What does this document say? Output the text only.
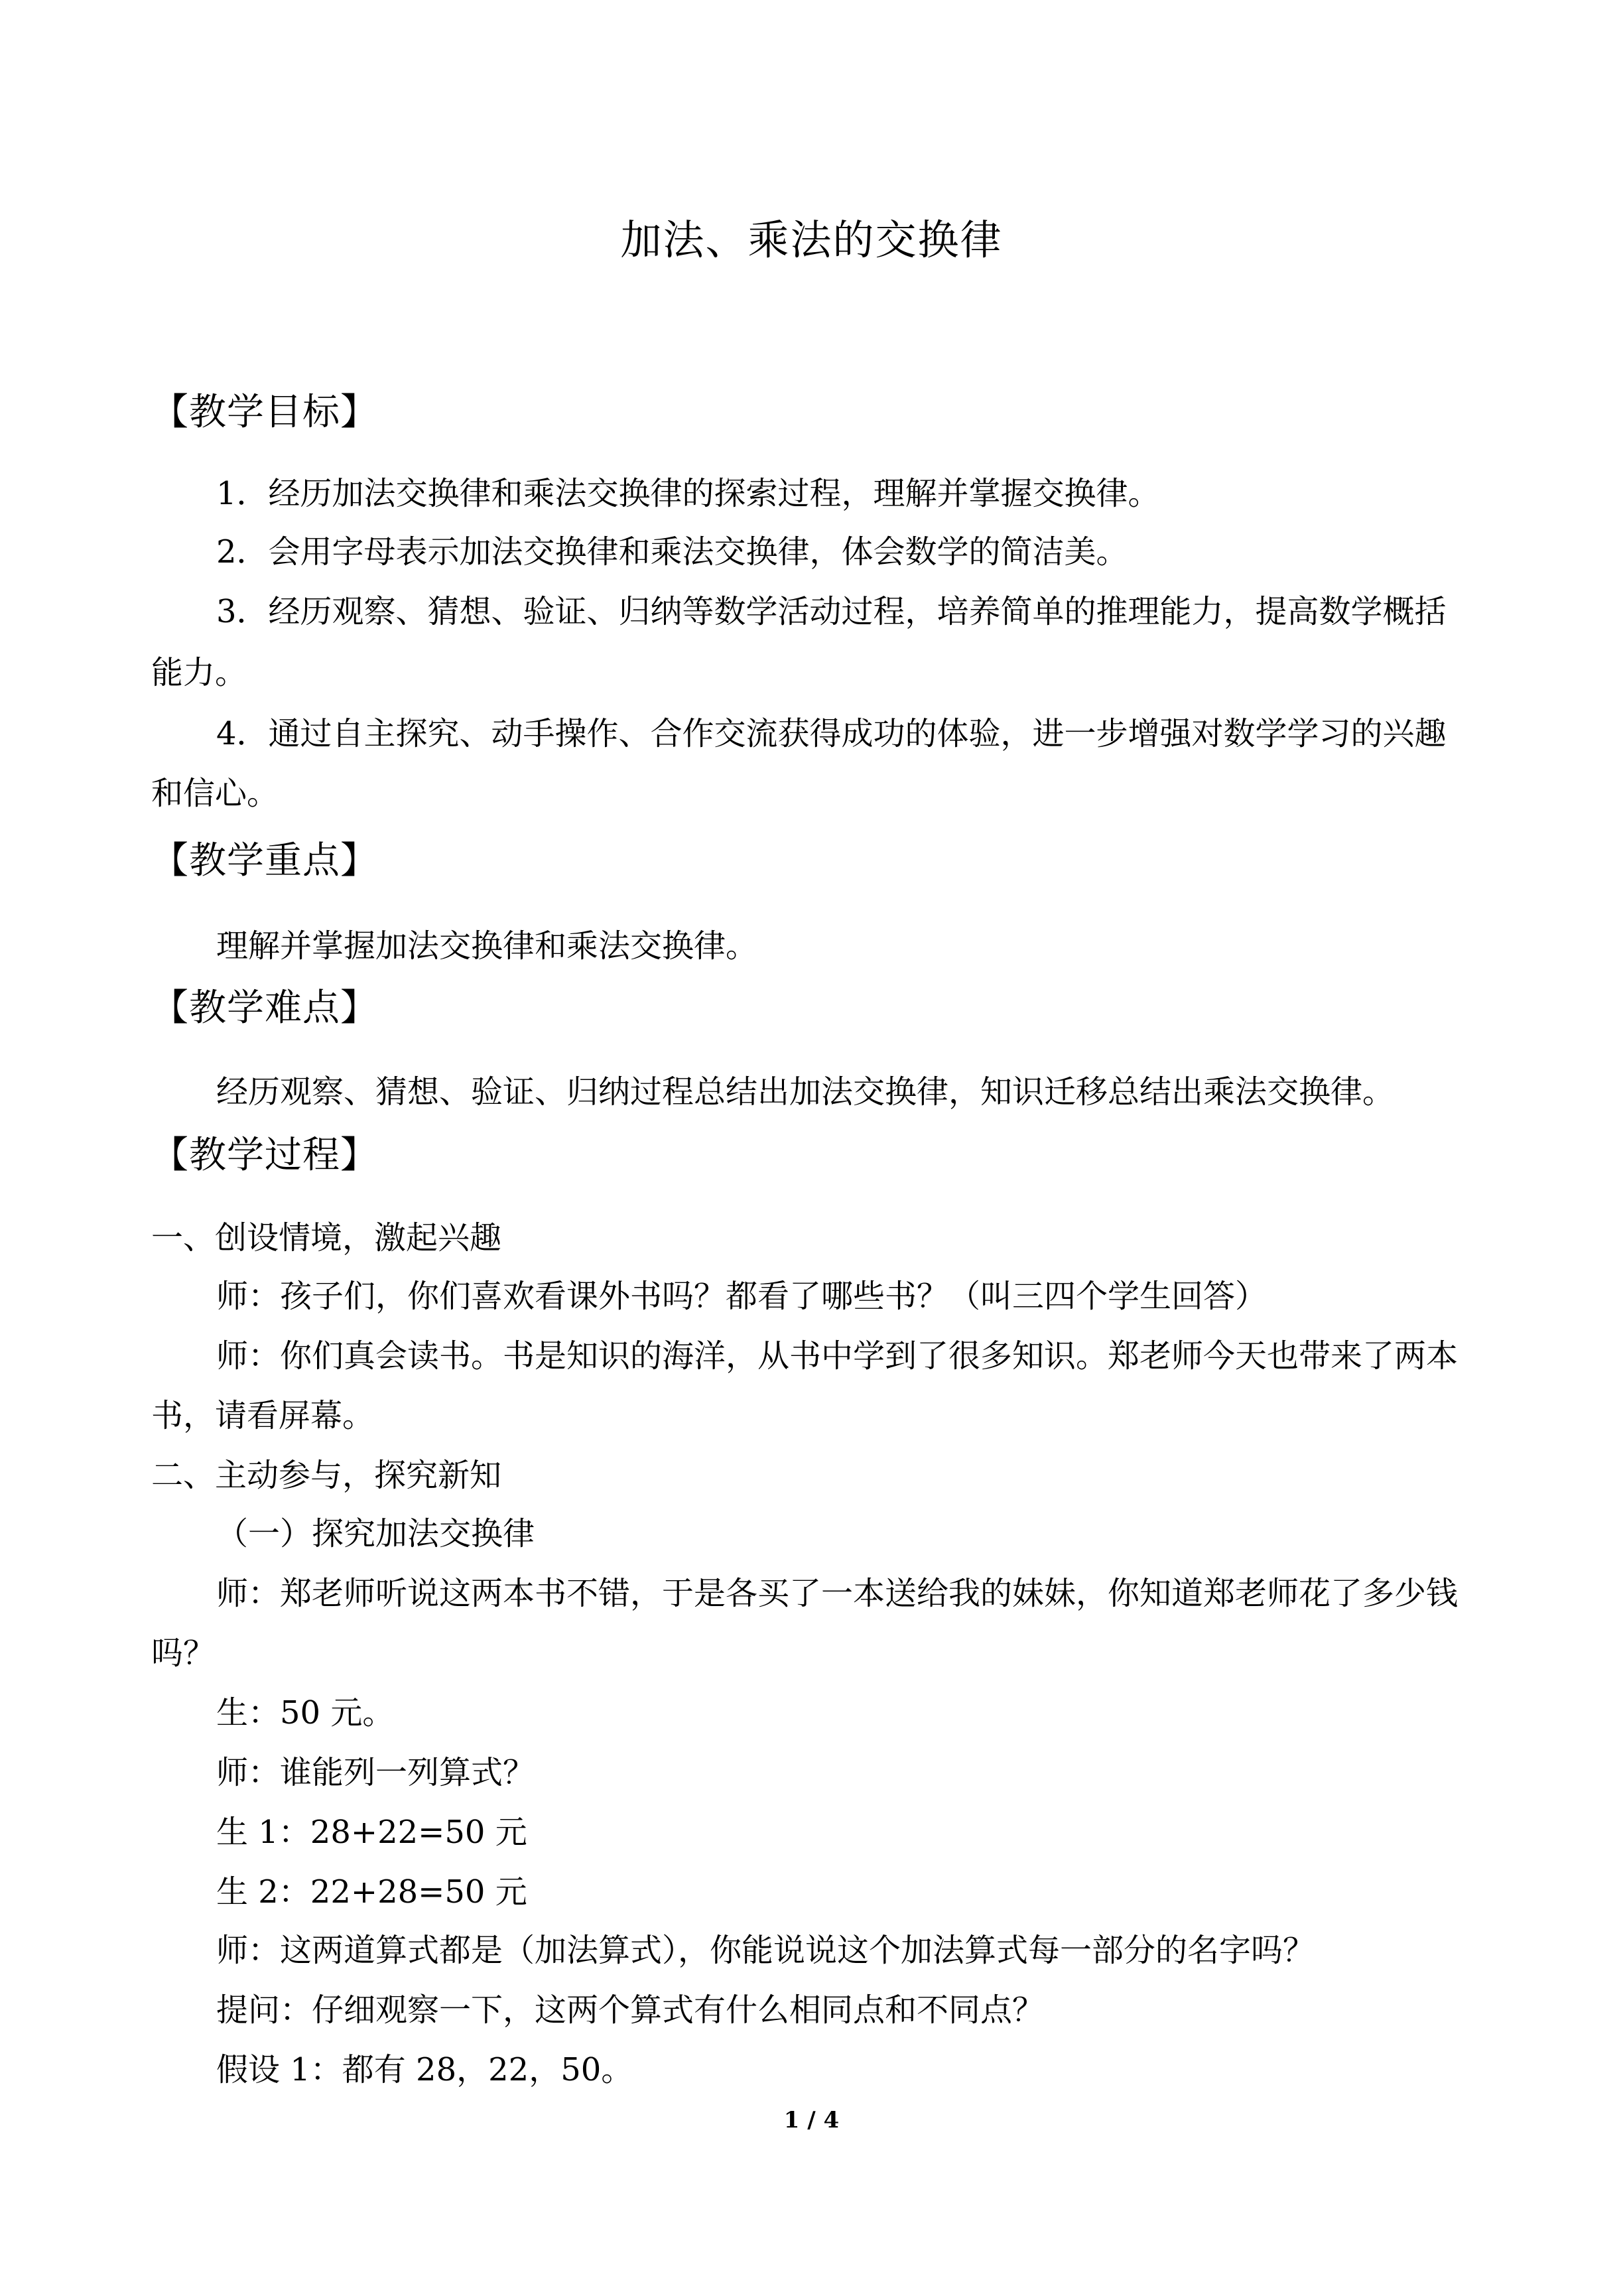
加法、乘法的交换律
【教学目标】
1．经历加法交换律和乘法交换律的探索过程，理解并掌握交换律。
2．会用字母表示加法交换律和乘法交换律，体会数学的简洁美。
3．经历观察、猜想、验证、归纳等数学活动过程，培养简单的推理能力，提高数学概括
能力。
4．通过自主探究、动手操作、合作交流获得成功的体验，进一步增强对数学学习的兴趣
和信心。
【教学重点】
理解并掌握加法交换律和乘法交换律。
【教学难点】
经历观察、猜想、验证、归纳过程总结出加法交换律，知识迁移总结出乘法交换律。
【教学过程】
一、创设情境，激起兴趣
师：孩子们，你们喜欢看课外书吗？都看了哪些书？（叫三四个学生回答）
师：你们真会读书。书是知识的海洋，从书中学到了很多知识。郑老师今天也带来了两本
书，请看屏幕。
二、主动参与，探究新知
（一）探究加法交换律
师：郑老师听说这两本书不错，于是各买了一本送给我的妹妹，你知道郑老师花了多少钱
吗？
生：50 元。
师：谁能列一列算式？
生 1：28+22=50 元
生 2：22+28=50 元
师：这两道算式都是（加法算式），你能说说这个加法算式每一部分的名字吗？
提问：仔细观察一下，这两个算式有什么相同点和不同点？
假设 1：都有 28，22，50。
1 / 4
